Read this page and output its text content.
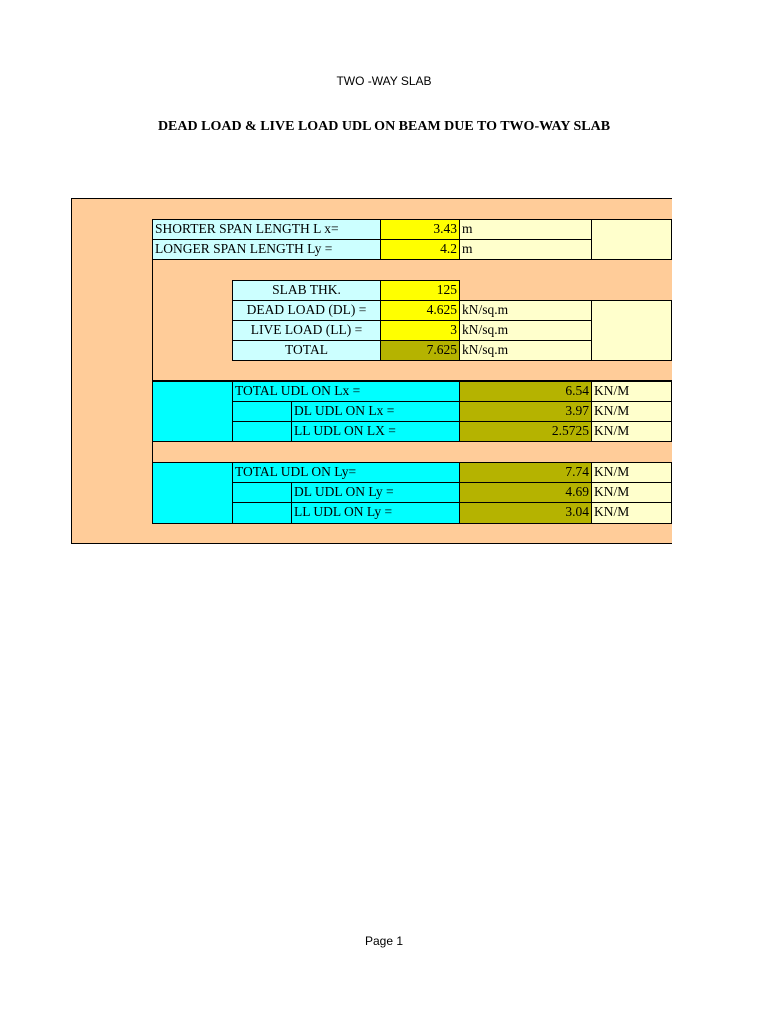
TWO -WAY SLAB
DEAD LOAD & LIVE LOAD UDL ON BEAM DUE TO TWO-WAY SLAB
SHORTER SPAN LENGTH L x=	3.43 m
LONGER SPAN LENGTH Ly =	4.2 m
SLAB THK.	125
DEAD LOAD (DL) =	4.625 kN/sq.m
LIVE LOAD (LL) =	3 kN/sq.m
TOTAL	7.625 kN/sq.m
TOTAL UDL ON Lx =	6.54 KN/M
DL UDL ON Lx =	3.97 KN/M
LL UDL ON LX =	2.5725 KN/M
TOTAL UDL ON Ly=	7.74 KN/M
DL UDL ON Ly =	4.69 KN/M
LL UDL ON Ly =	3.04 KN/M
Page 1
